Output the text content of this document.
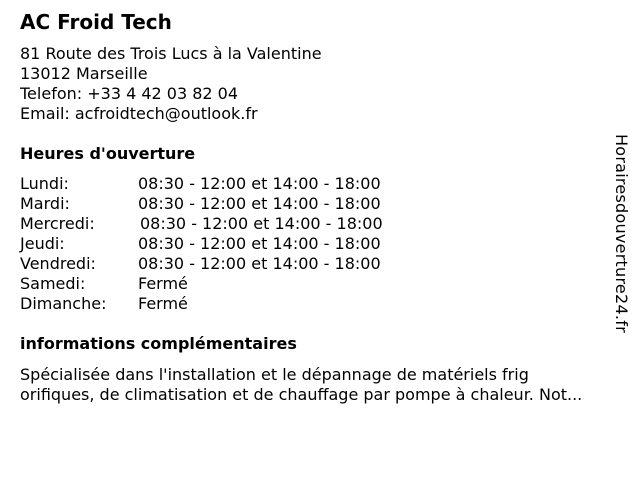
AC Froid Tech
81 Route des Trois Lucs à la Valentine
13012 Marseille
Telefon: +33 4 42 03 82 04
Email: acfroidtech@outlook.fr
Heures d'ouverture
Lundi:	08:30 - 12:00 et 14:00 - 18:00
Mardi:	08:30 - 12:00 et 14:00 - 18:00
Mercredi:	08:30 - 12:00 et 14:00 - 18:00
Jeudi:	08:30 - 12:00 et 14:00 - 18:00
Vendredi:	08:30 - 12:00 et 14:00 - 18:00
Samedi:	Fermé
Dimanche: Fermé
informations complémentaires
Spécialisée dans l'installation et le dépannage de matériels frig
orifiques, de climatisation et de chauffage par pompe à chaleur. Not...
Horairesdouverture24.fr
